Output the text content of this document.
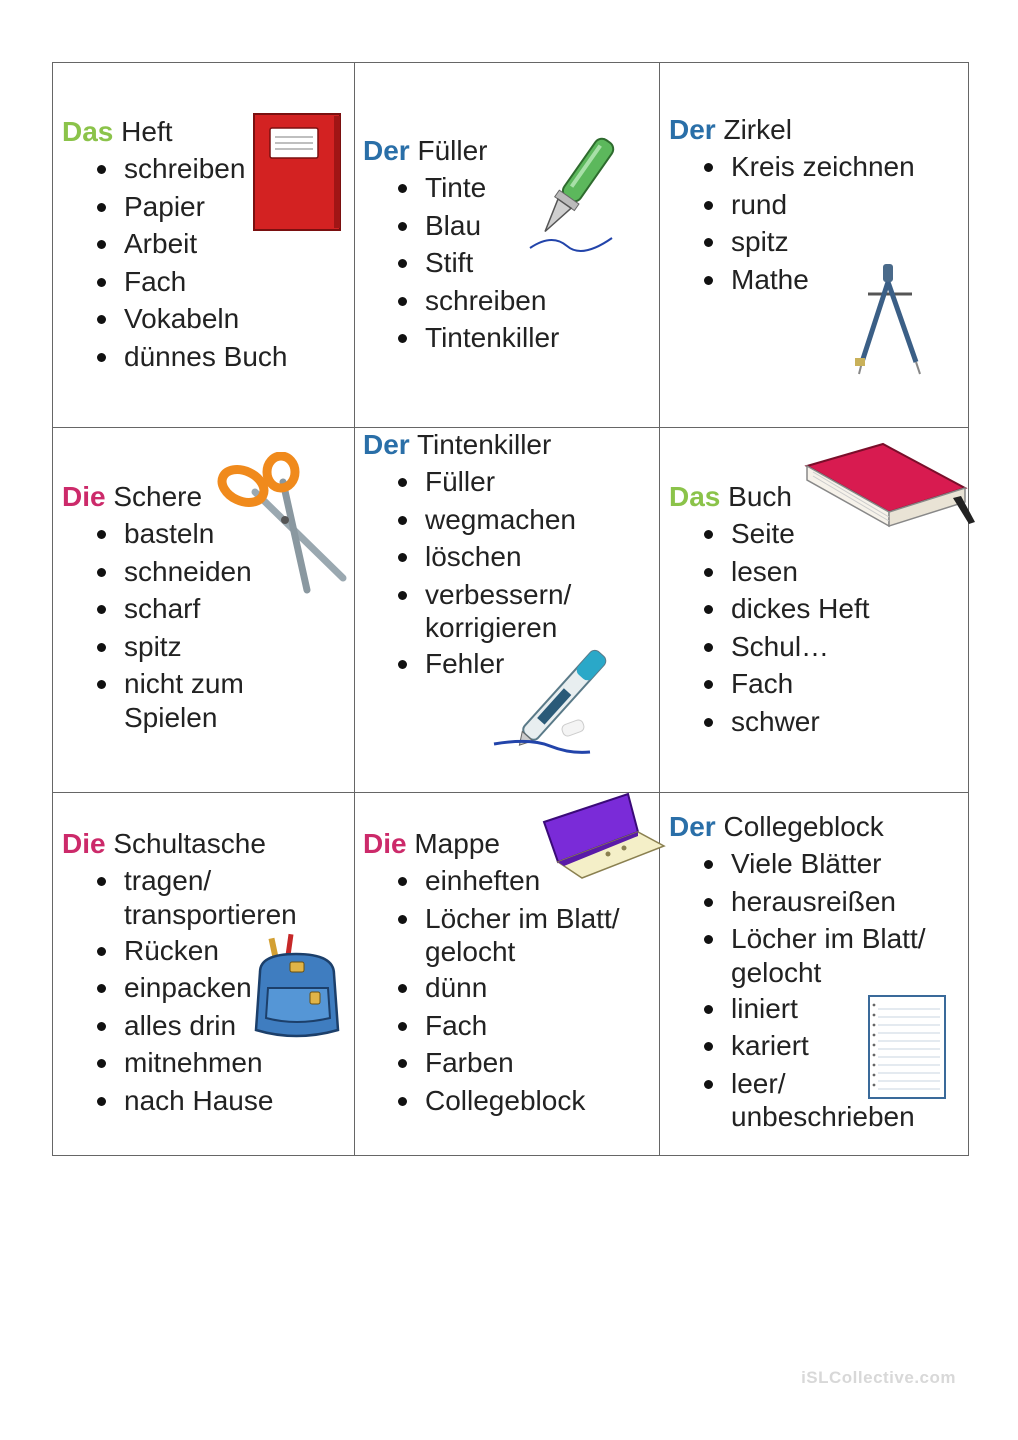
Das Heft
schreiben
Papier
Arbeit
Fach
Vokabeln
dünnes Buch
Der Füller
Tinte
Blau
Stift
schreiben
Tintenkiller
Der Zirkel
Kreis zeichnen
rund
spitz
Mathe
Die Schere
basteln
schneiden
scharf
spitz
nicht zum
Spielen
Der Tintenkiller
Füller
wegmachen
löschen
verbessern/
korrigieren
Fehler
Das Buch
Seite
lesen
dickes Heft
Schul…
Fach
schwer
Die Schultasche
tragen/
transportieren
Rücken
einpacken
alles drin
mitnehmen
nach Hause
Die Mappe
einheften
Löcher im Blatt/
gelocht
dünn
Fach
Farben
Collegeblock
Der Collegeblock
Viele Blätter
herausreißen
Löcher im Blatt/
gelocht
liniert
kariert
leer/
unbeschrieben
iSLCollective.com
